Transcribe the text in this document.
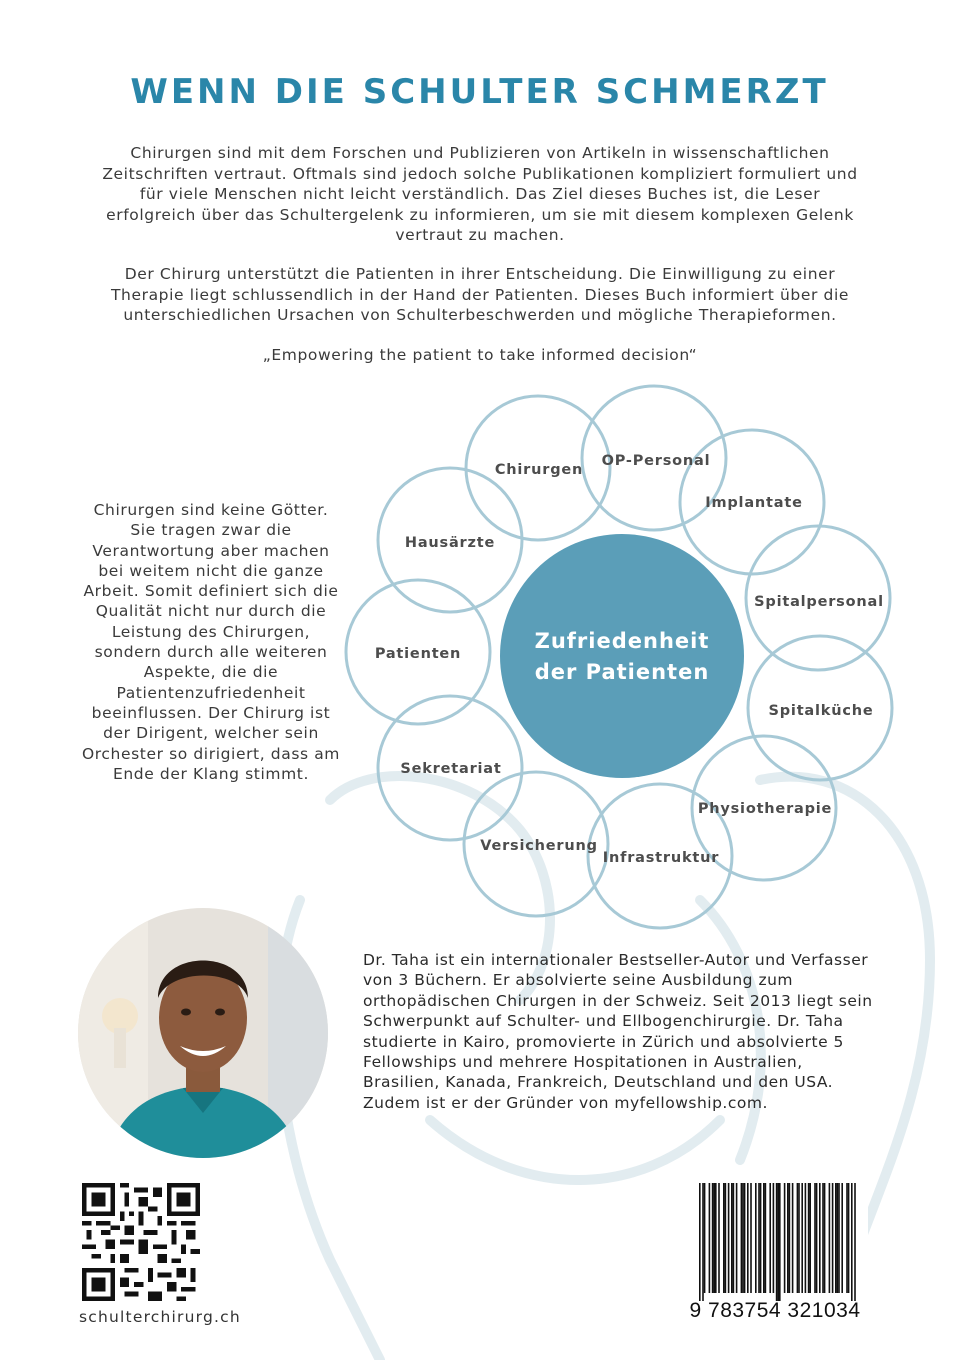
WENN DIE SCHULTER SCHMERZT

Chirurgen sind mit dem Forschen und Publizieren von Artikeln in wissenschaftlichen Zeitschriften vertraut. Oftmals sind jedoch solche Publikationen kompliziert formuliert und für viele Menschen nicht leicht verständlich. Das Ziel dieses Buches ist, die Leser erfolgreich über das Schultergelenk zu informieren, um sie mit diesem komplexen Gelenk vertraut zu machen.

Der Chirurg unterstützt die Patienten in ihrer Entscheidung. Die Einwilligung zu einer Therapie liegt schlussendlich in der Hand der Patienten. Dieses Buch informiert über die unterschiedlichen Ursachen von Schulterbeschwerden und mögliche Therapieformen.

„Empowering the patient to take informed decision“

Chirurgen sind keine Götter. Sie tragen zwar die Verantwortung aber machen bei weitem nicht die ganze Arbeit. Somit definiert sich die Qualität nicht nur durch die Leistung des Chirurgen, sondern durch alle weiteren Aspekte, die die Patientenzufriedenheit beeinflussen. Der Chirurg ist der Dirigent, welcher sein Orchester so dirigiert, dass am Ende der Klang stimmt.

Zufriedenheit
der Patienten
Chirurgen
OP-Personal
Implantate
Spitalpersonal
Spitalküche
Physiotherapie
Infrastruktur
Versicherung
Sekretariat
Patienten
Hausärzte

Dr. Taha ist ein internationaler Bestseller-Autor und Verfasser von 3 Büchern. Er absolvierte seine Ausbildung zum orthopädischen Chirurgen in der Schweiz. Seit 2013 liegt sein Schwerpunkt auf Schulter- und Ellbogenchirurgie. Dr. Taha studierte in Kairo, promovierte in Zürich und absolvierte 5 Fellowships und mehrere Hospitationen in Australien, Brasilien, Kanada, Frankreich, Deutschland und den USA. Zudem ist er der Gründer von myfellowship.com.

schulterchirurg.ch	9 783754 321034
